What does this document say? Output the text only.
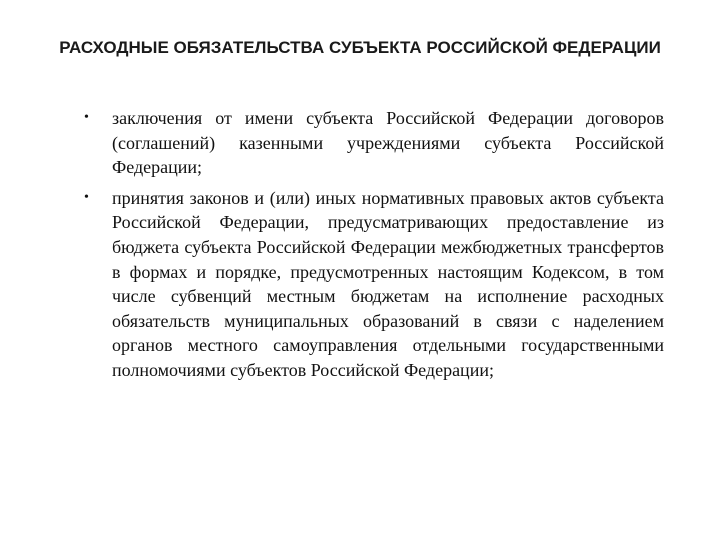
РАСХОДНЫЕ ОБЯЗАТЕЛЬСТВА СУБЪЕКТА РОССИЙСКОЙ ФЕДЕРАЦИИ
• заключения от имени субъекта Российской Федерации договоров (соглашений) казенными учреждениями субъекта Российской Федерации;
• принятия законов и (или) иных нормативных правовых актов субъекта Российской Федерации, предусматривающих предоставление из бюджета субъекта Российской Федерации межбюджетных трансфертов в формах и порядке, предусмотренных настоящим Кодексом, в том числе субвенций местным бюджетам на исполнение расходных обязательств муниципальных образований в связи с наделением органов местного самоуправления отдельными государственными полномочиями субъектов Российской Федерации;
